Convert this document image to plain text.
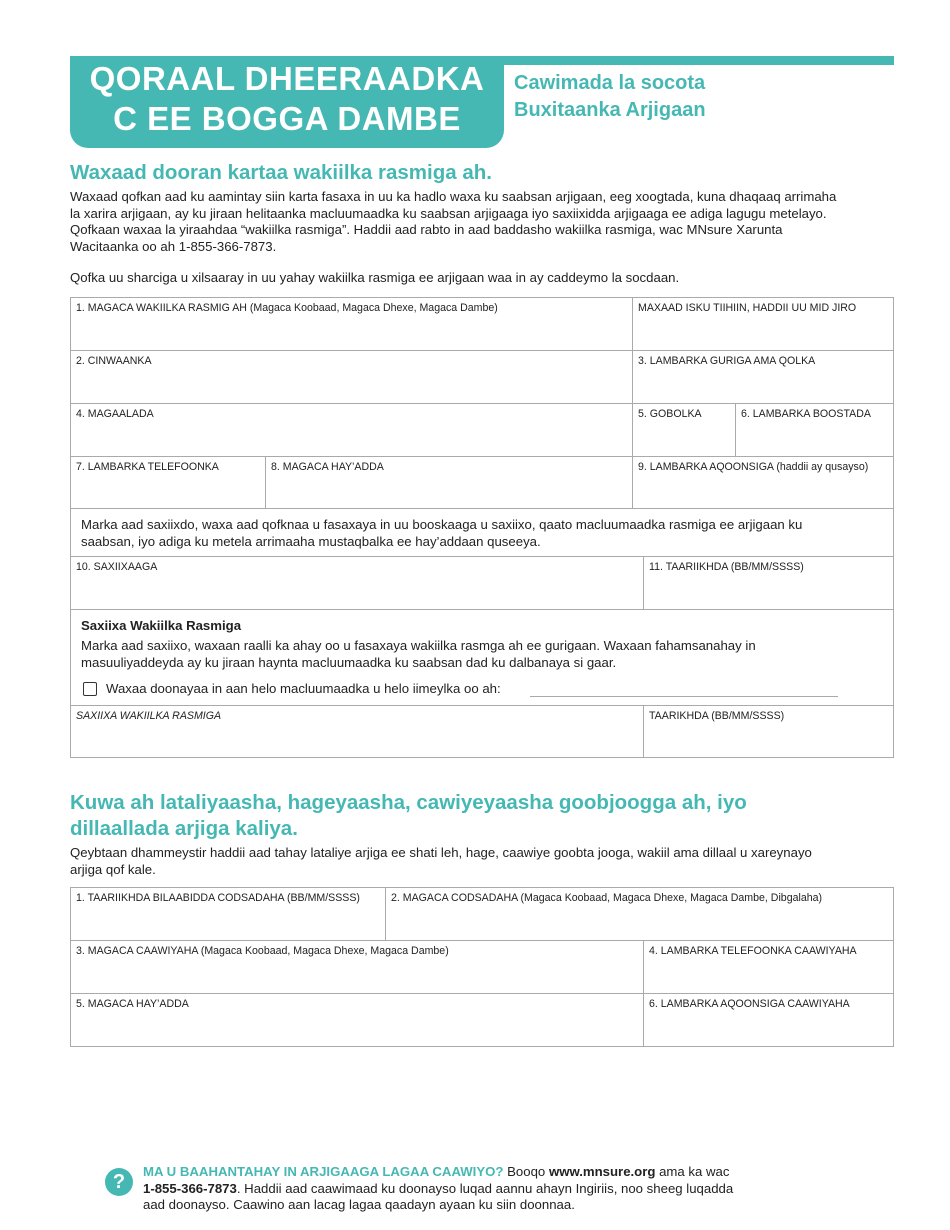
QORAAL DHEERAADKA
C EE BOGGA DAMBE
Cawimada la socota
Buxitaanka Arjigaan
Waxaad dooran kartaa wakiilka rasmiga ah.
Waxaad qofkan aad ku aamintay siin karta fasaxa in uu ka hadlo waxa ku saabsan arjigaan, eeg xoogtada, kuna dhaqaaq arrimaha
la xarira arjigaan, ay ku jiraan helitaanka macluumaadka ku saabsan arjigaaga iyo saxiixidda arjigaaga ee adiga lagugu metelayo.
Qofkaan waxaa la yiraahdaa “wakiilka rasmiga”. Haddii aad rabto in aad baddasho wakiilka rasmiga, wac MNsure Xarunta
Wacitaanka oo ah 1-855-366-7873.
Qofka uu sharciga u xilsaaray in uu yahay wakiilka rasmiga ee arjigaan waa in ay caddeymo la socdaan.
1. MAGACA WAKIILKA RASMIG AH (Magaca Koobaad, Magaca Dhexe, Magaca Dambe)	MAXAAD ISKU TIIHIIN, HADDII UU MID JIRO
2. CINWAANKA	3. LAMBARKA GURIGA AMA QOLKA
4. MAGAALADA	5. GOBOLKA	6. LAMBARKA BOOSTADA
7. LAMBARKA TELEFOONKA	8. MAGACA HAY’ADDA	9. LAMBARKA AQOONSIGA (haddii ay qusayso)
Marka aad saxiixdo, waxa aad qofknaa u fasaxaya in uu booskaaga u saxiixo, qaato macluumaadka rasmiga ee arjigaan ku
saabsan, iyo adiga ku metela arrimaaha mustaqbalka ee hay’addaan quseeya.
10. SAXIIXAAGA	11. TAARIIKHDA (BB/MM/SSSS)
Saxiixa Wakiilka Rasmiga
Marka aad saxiixo, waxaan raalli ka ahay oo u fasaxaya wakiilka rasmga ah ee gurigaan. Waxaan fahamsanahay in
masuuliyaddeyda ay ku jiraan haynta macluumaadka ku saabsan dad ku dalbanaya si gaar.
Waxaa doonayaa in aan helo macluumaadka u helo iimeylka oo ah:
SAXIIXA WAKIILKA RASMIGA	TAARIKHDA (BB/MM/SSSS)
Kuwa ah lataliyaasha, hageyaasha, cawiyeyaasha goobjoogga ah, iyo
dillaallada arjiga kaliya.
Qeybtaan dhammeystir haddii aad tahay lataliye arjiga ee shati leh, hage, caawiye goobta jooga, wakiil ama dillaal u xareynayo
arjiga qof kale.
1. TAARIIKHDA BILAABIDDA CODSADAHA (BB/MM/SSSS)	2. MAGACA CODSADAHA (Magaca Koobaad, Magaca Dhexe, Magaca Dambe, Dibgalaha)
3. MAGACA CAAWIYAHA (Magaca Koobaad, Magaca Dhexe, Magaca Dambe)	4. LAMBARKA TELEFOONKA CAAWIYAHA
5. MAGACA HAY’ADDA	6. LAMBARKA AQOONSIGA CAAWIYAHA
?	MA U BAAHANTAHAY IN ARJIGAAGA LAGAA CAAWIYO? Booqo www.mnsure.org ama ka wac
1-855-366-7873. Haddii aad caawimaad ku doonayso luqad aannu ahayn Ingiriis, noo sheeg luqadda
aad doonayso. Caawino aan lacag lagaa qaadayn ayaan ku siin doonnaa.
